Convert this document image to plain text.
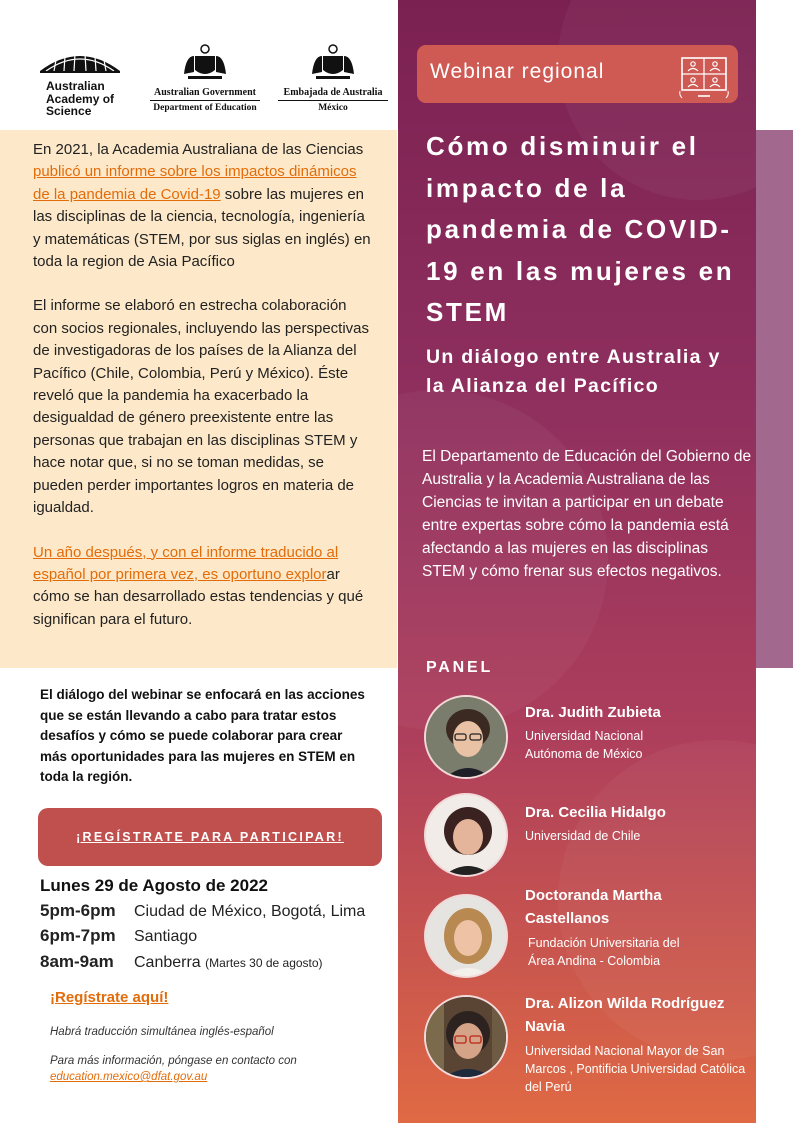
Australian
Academy of
Science
Australian Government
Department of Education
Embajada de Australia
México

En 2021, la Academia Australiana de las Ciencias publicó un informe sobre los impactos dinámicos de la pandemia de Covid-19 sobre las mujeres en las disciplinas de la ciencia, tecnología, ingeniería y matemáticas (STEM, por sus siglas en inglés) en toda la region de Asia Pacífico

El informe se elaboró en estrecha colaboración con socios regionales, incluyendo las perspectivas de investigadoras de los países de la Alianza del Pacífico (Chile, Colombia, Perú y México). Éste reveló que la pandemia ha exacerbado la desigualdad de género preexistente entre las personas que trabajan en las disciplinas STEM y hace notar que, si no se toman medidas, se pueden perder importantes logros en materia de igualdad.

Un año después, y con el informe traducido al español por primera vez, es oportuno explorar cómo se han desarrollado estas tendencias y qué significan para el futuro.

El diálogo del webinar se enfocará en las acciones que se están llevando a cabo para tratar estos desafíos y cómo se puede colaborar para crear más oportunidades para las mujeres en STEM en toda la región.
¡REGÍSTRATE PARA PARTICIPAR!
Lunes 29 de Agosto de 2022
5pm-6pm Ciudad de México, Bogotá, Lima
6pm-7pm Santiago
8am-9am Canberra (Martes 30 de agosto)
¡Regístrate aquí!
Habrá traducción simultánea inglés-español
Para más información, póngase en contacto con
education.mexico@dfat.gov.au
Webinar regional
Cómo disminuir el impacto de la pandemia de COVID-19 en las mujeres en STEM
Un diálogo entre Australia y la Alianza del Pacífico
El Departamento de Educación del Gobierno de Australia y la Academia Australiana de las Ciencias te invitan a participar en un debate entre expertas sobre cómo la pandemia está afectando a las mujeres en las disciplinas STEM y cómo frenar sus efectos negativos.
PANEL
Dra. Judith Zubieta
Universidad Nacional Autónoma de México
Dra. Cecilia Hidalgo
Universidad de Chile
Doctoranda Martha Castellanos
Fundación Universitaria del Área Andina - Colombia
Dra. Alizon Wilda Rodríguez Navia
Universidad Nacional Mayor de San Marcos , Pontificia Universidad Católica del Perú
